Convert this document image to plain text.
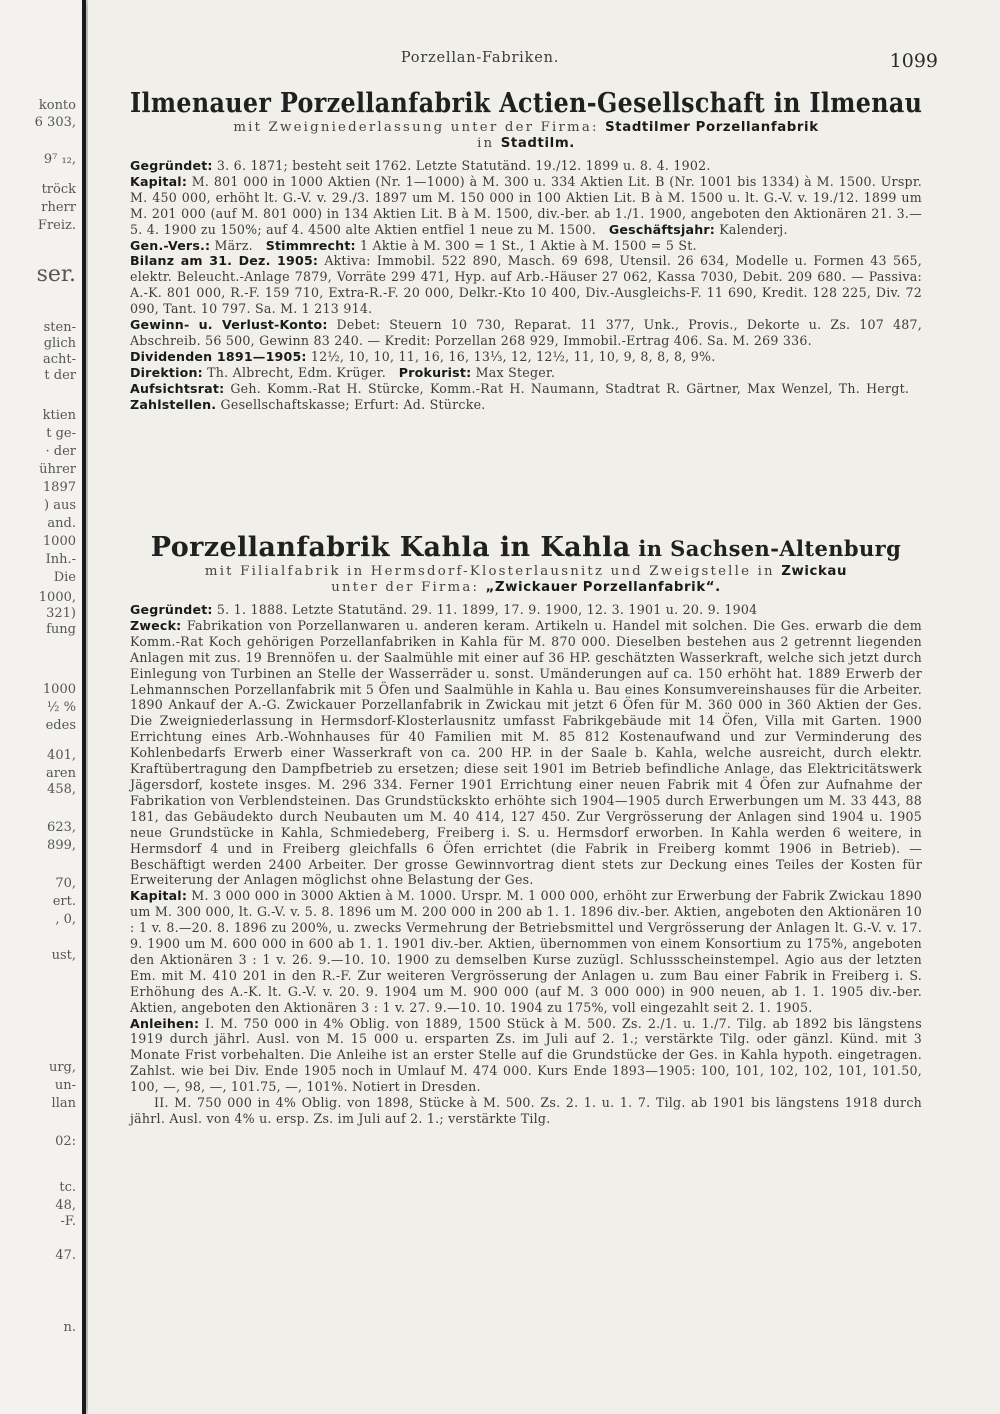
konto
6 303,
9⁷ ₁₂,
tröck
rherr
Freiz.
ser.
sten-
glich
acht-
t der
ktien
t ge-
· der
ührer
1897
) aus
and.
1000
Inh.-
Die
1000,
321)
fung
1000
½ %
edes
401,
aren
458,
623,
899,
70,
ert.
, 0,
ust,
urg,
un-
llan
02:
tc.
48,
-F.
47.
n.
Porzellan-Fabriken.	1099
Ilmenauer Porzellanfabrik Actien-Gesellschaft in Ilmenau
mit Zweigniederlassung unter der Firma: Stadtilmer Porzellanfabrik
in Stadtilm.

Gegründet: 3. 6. 1871; besteht seit 1762. Letzte Statutänd. 19./12. 1899 u. 8. 4. 1902.

Kapital: M. 801 000 in 1000 Aktien (Nr. 1—1000) à M. 300 u. 334 Aktien Lit. B (Nr. 1001 bis 1334) à M. 1500. Urspr. M. 450 000, erhöht lt. G.-V. v. 29./3. 1897 um M. 150 000 in 100 Aktien Lit. B à M. 1500 u. lt. G.-V. v. 19./12. 1899 um M. 201 000 (auf M. 801 000) in 134 Aktien Lit. B à M. 1500, div.-ber. ab 1./1. 1900, angeboten den Aktionären 21. 3.—5. 4. 1900 zu 150%; auf 4. 4500 alte Aktien entfiel 1 neue zu M. 1500.  Geschäftsjahr: Kalenderj.

Gen.-Vers.: März.  Stimmrecht: 1 Aktie à M. 300 = 1 St., 1 Aktie à M. 1500 = 5 St.

Bilanz am 31. Dez. 1905: Aktiva: Immobil. 522 890, Masch. 69 698, Utensil. 26 634, Modelle u. Formen 43 565, elektr. Beleucht.-Anlage 7879, Vorräte 299 471, Hyp. auf Arb.-Häuser 27 062, Kassa 7030, Debit. 209 680. — Passiva: A.-K. 801 000, R.-F. 159 710, Extra-R.-F. 20 000, Delkr.-Kto 10 400, Div.-Ausgleichs-F. 11 690, Kredit. 128 225, Div. 72 090, Tant. 10 797. Sa. M. 1 213 914.

Gewinn- u. Verlust-Konto: Debet: Steuern 10 730, Reparat. 11 377, Unk., Provis., Dekorte u. Zs. 107 487, Abschreib. 56 500, Gewinn 83 240. — Kredit: Porzellan 268 929, Immobil.-Ertrag 406. Sa. M. 269 336.

Dividenden 1891—1905: 12½, 10, 10, 11, 16, 16, 13⅓, 12, 12½, 11, 10, 9, 8, 8, 8, 9%.

Direktion: Th. Albrecht, Edm. Krüger.  Prokurist: Max Steger.

Aufsichtsrat: Geh. Komm.-Rat H. Stürcke, Komm.-Rat H. Naumann, Stadtrat R. Gärtner, Max Wenzel, Th. Hergt. Zahlstellen. Gesellschaftskasse; Erfurt: Ad. Stürcke.

Porzellanfabrik Kahla in Kahla in Sachsen-Altenburg
mit Filialfabrik in Hermsdorf-Klosterlausnitz und Zweigstelle in Zwickau
unter der Firma: „Zwickauer Porzellanfabrik“.

Gegründet: 5. 1. 1888. Letzte Statutänd. 29. 11. 1899, 17. 9. 1900, 12. 3. 1901 u. 20. 9. 1904

Zweck: Fabrikation von Porzellanwaren u. anderen keram. Artikeln u. Handel mit solchen. Die Ges. erwarb die dem Komm.-Rat Koch gehörigen Porzellanfabriken in Kahla für M. 870 000. Dieselben bestehen aus 2 getrennt liegenden Anlagen mit zus. 19 Brennöfen u. der Saalmühle mit einer auf 36 HP. geschätzten Wasserkraft, welche sich jetzt durch Einlegung von Turbinen an Stelle der Wasserräder u. sonst. Umänderungen auf ca. 150 erhöht hat. 1889 Erwerb der Lehmannschen Porzellanfabrik mit 5 Öfen und Saalmühle in Kahla u. Bau eines Konsumvereinshauses für die Arbeiter. 1890 Ankauf der A.-G. Zwickauer Porzellanfabrik in Zwickau mit jetzt 6 Öfen für M. 360 000 in 360 Aktien der Ges. Die Zweigniederlassung in Hermsdorf-Klosterlausnitz umfasst Fabrikgebäude mit 14 Öfen, Villa mit Garten. 1900 Errichtung eines Arb.-Wohnhauses für 40 Familien mit M. 85 812 Kostenaufwand und zur Verminderung des Kohlenbedarfs Erwerb einer Wasserkraft von ca. 200 HP. in der Saale b. Kahla, welche ausreicht, durch elektr. Kraftübertragung den Dampfbetrieb zu ersetzen; diese seit 1901 im Betrieb befindliche Anlage, das Elektricitätswerk Jägersdorf, kostete insges. M. 296 334. Ferner 1901 Errichtung einer neuen Fabrik mit 4 Öfen zur Aufnahme der Fabrikation von Verblendsteinen. Das Grundstückskto erhöhte sich 1904—1905 durch Erwerbungen um M. 33 443, 88 181, das Gebäudekto durch Neubauten um M. 40 414, 127 450. Zur Vergrösserung der Anlagen sind 1904 u. 1905 neue Grundstücke in Kahla, Schmiedeberg, Freiberg i. S. u. Hermsdorf erworben. In Kahla werden 6 weitere, in Hermsdorf 4 und in Freiberg gleichfalls 6 Öfen errichtet (die Fabrik in Freiberg kommt 1906 in Betrieb). — Beschäftigt werden 2400 Arbeiter. Der grosse Gewinnvortrag dient stets zur Deckung eines Teiles der Kosten für Erweiterung der Anlagen möglichst ohne Belastung der Ges.

Kapital: M. 3 000 000 in 3000 Aktien à M. 1000. Urspr. M. 1 000 000, erhöht zur Erwerbung der Fabrik Zwickau 1890 um M. 300 000, lt. G.-V. v. 5. 8. 1896 um M. 200 000 in 200 ab 1. 1. 1896 div.-ber. Aktien, angeboten den Aktionären 10 : 1 v. 8.—20. 8. 1896 zu 200%, u. zwecks Vermehrung der Betriebsmittel und Vergrösserung der Anlagen lt. G.-V. v. 17. 9. 1900 um M. 600 000 in 600 ab 1. 1. 1901 div.-ber. Aktien, übernommen von einem Konsortium zu 175%, angeboten den Aktionären 3 : 1 v. 26. 9.—10. 10. 1900 zu demselben Kurse zuzügl. Schlussscheinstempel. Agio aus der letzten Em. mit M. 410 201 in den R.-F. Zur weiteren Vergrösserung der Anlagen u. zum Bau einer Fabrik in Freiberg i. S. Erhöhung des A.-K. lt. G.-V. v. 20. 9. 1904 um M. 900 000 (auf M. 3 000 000) in 900 neuen, ab 1. 1. 1905 div.-ber. Aktien, angeboten den Aktionären 3 : 1 v. 27. 9.—10. 10. 1904 zu 175%, voll eingezahlt seit 2. 1. 1905.

Anleihen: I. M. 750 000 in 4% Oblig. von 1889, 1500 Stück à M. 500. Zs. 2./1. u. 1./7. Tilg. ab 1892 bis längstens 1919 durch jährl. Ausl. von M. 15 000 u. ersparten Zs. im Juli auf 2. 1.; verstärkte Tilg. oder gänzl. Künd. mit 3 Monate Frist vorbehalten. Die Anleihe ist an erster Stelle auf die Grundstücke der Ges. in Kahla hypoth. eingetragen. Zahlst. wie bei Div. Ende 1905 noch in Umlauf M. 474 000. Kurs Ende 1893—1905: 100, 101, 102, 102, 101, 101.50, 100, —, 98, —, 101.75, —, 101%. Notiert in Dresden.

II. M. 750 000 in 4% Oblig. von 1898, Stücke à M. 500. Zs. 2. 1. u. 1. 7. Tilg. ab 1901 bis längstens 1918 durch jährl. Ausl. von 4% u. ersp. Zs. im Juli auf 2. 1.; verstärkte Tilg.
